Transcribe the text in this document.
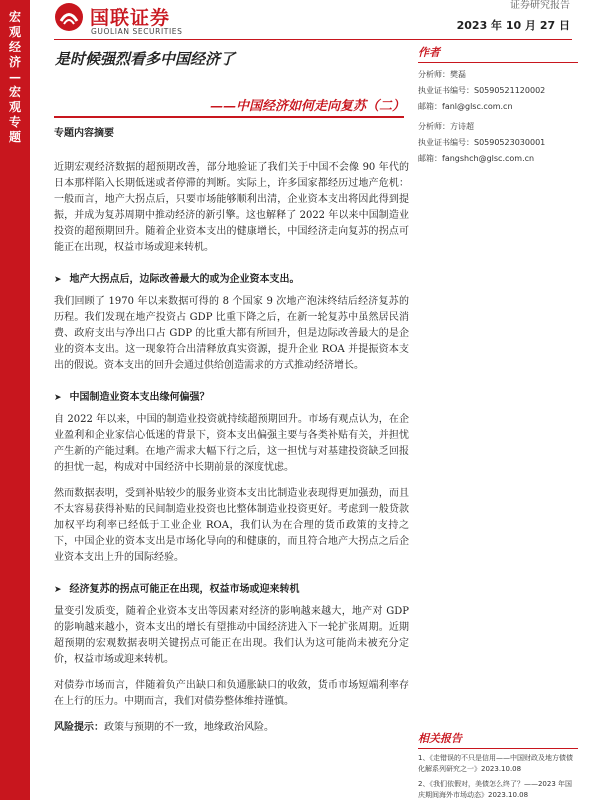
宏观经济—宏观专题
国联证券
GUOLIAN SECURITIES
证券研究报告
2023 年 10 月 27 日
是时候强烈看多中国经济了
——中国经济如何走向复苏（二）
专题内容摘要

近期宏观经济数据的超预期改善，部分地验证了我们关于中国不会像 90 年代的日本那样陷入长期低迷或者停滞的判断。实际上，许多国家都经历过地产危机：一般而言，地产大拐点后，只要市场能够顺利出清，企业资本支出将因此得到提振，并成为复苏周期中推动经济的新引擎。这也解释了 2022 年以来中国制造业投资的超预期回升。随着企业资本支出的健康增长，中国经济走向复苏的拐点可能正在出现，权益市场或迎来转机。

➤ 地产大拐点后，边际改善最大的或为企业资本支出。

我们回顾了 1970 年以来数据可得的 8 个国家 9 次地产泡沫终结后经济复苏的历程。我们发现在地产投资占 GDP 比重下降之后，在新一轮复苏中虽然居民消费、政府支出与净出口占 GDP 的比重大都有所回升，但是边际改善最大的是企业的资本支出。这一现象符合出清释放真实资源，提升企业 ROA 并提振资本支出的假说。资本支出的回升会通过供给创造需求的方式推动经济增长。

➤ 中国制造业资本支出缘何偏强？

自 2022 年以来，中国的制造业投资就持续超预期回升。市场有观点认为，在企业盈利和企业家信心低迷的背景下，资本支出偏强主要与各类补贴有关，并担忧产生新的产能过剩。在地产需求大幅下行之后，这一担忧与对基建投资缺乏回报的担忧一起，构成对中国经济中长期前景的深度忧虑。

然而数据表明，受到补贴较少的服务业资本支出比制造业表现得更加强劲，而且不太容易获得补贴的民间制造业投资也比整体制造业投资更好。考虑到一般贷款加权平均利率已经低于工业企业 ROA，我们认为在合理的货币政策的支持之下，中国企业的资本支出是市场化导向的和健康的，而且符合地产大拐点之后企业资本支出上升的国际经验。

➤ 经济复苏的拐点可能正在出现，权益市场或迎来转机

量变引发质变，随着企业资本支出等因素对经济的影响越来越大，地产对 GDP 的影响越来越小，资本支出的增长有望推动中国经济进入下一轮扩张周期。近期超预期的宏观数据表明关键拐点可能正在出现。我们认为这可能尚未被充分定价，权益市场或迎来转机。

对债券市场而言，伴随着负产出缺口和负通胀缺口的收敛，货币市场短端利率存在上行的压力。中期而言，我们对债券整体维持谨慎。

风险提示：政策与预期的不一致，地缘政治风险。

作者
分析师：樊磊
执业证书编号：S0590521120002
邮箱：fanl@glsc.com.cn
分析师：方诗超
执业证书编号：S0590523030001
邮箱：fangshch@glsc.com.cn
相关报告
1、《走错误的不只是信用——中国财政及地方债债化解系列研究之一》2023.10.08
2、《我们依假对，美债怎么终了？——2023 年国庆期间海外市场动态》2023.10.08
